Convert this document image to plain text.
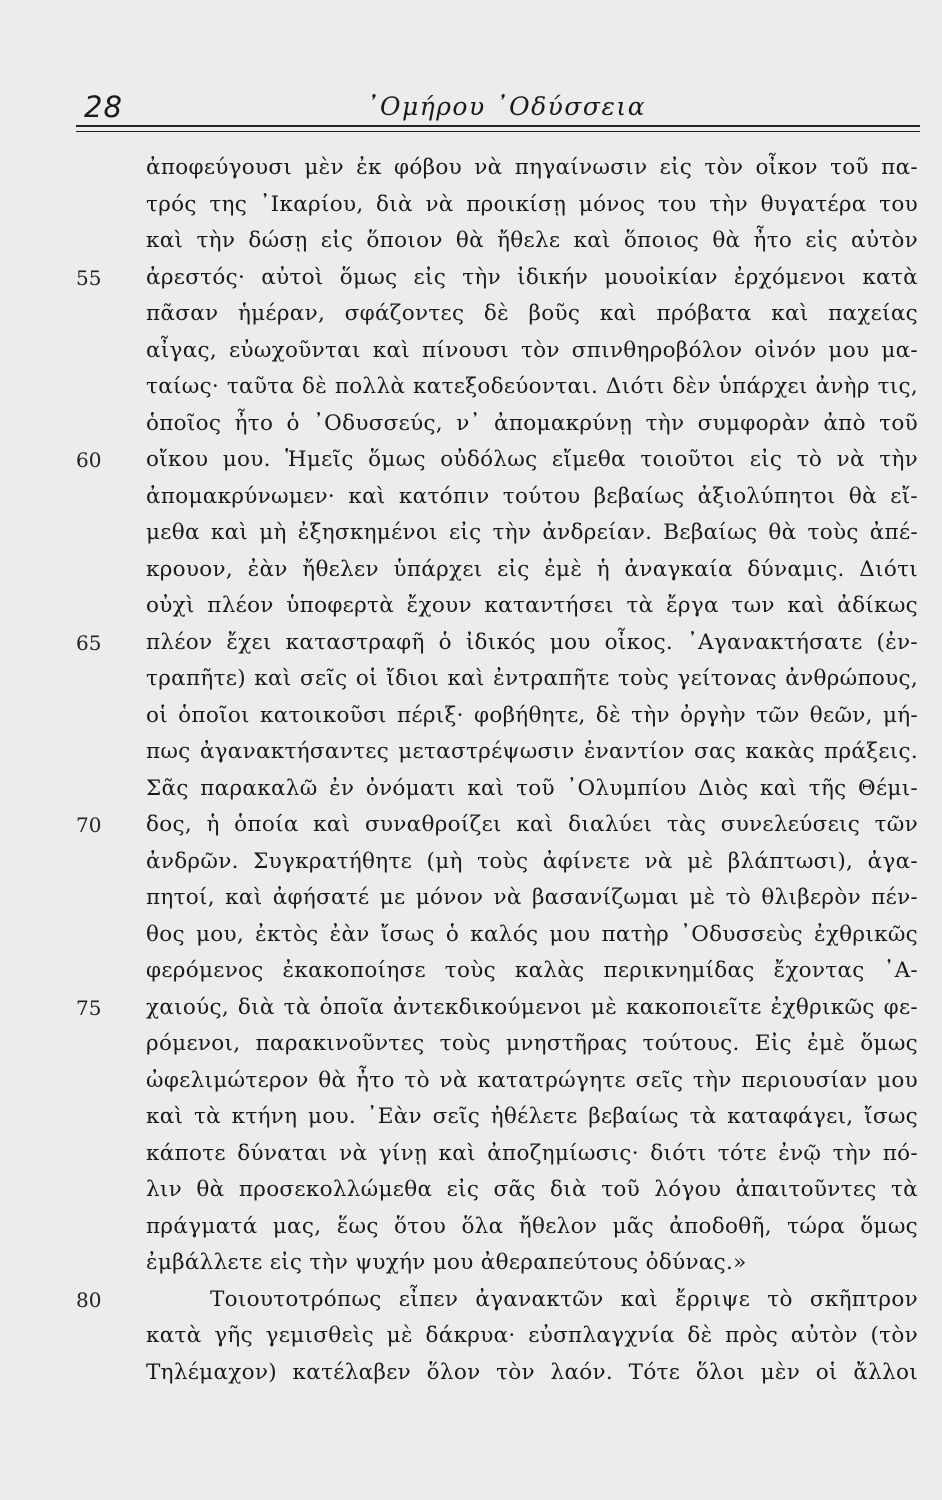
28	᾿Ομήρου ᾿Οδύσσεια
55
60
65
70
75
80
ἀποφεύγουσι μὲν ἐκ φόβου νὰ πηγαίνωσιν εἰς τὸν οἶκον τοῦ πα-
τρός της ᾿Ικαρίου, διὰ νὰ προικίσῃ μόνος του τὴν θυγατέρα του
καὶ τὴν δώσῃ εἰς ὅποιον θὰ ἤθελε καὶ ὅποιος θὰ ἦτο εἰς αὐτὸν
ἀρεστός· αὐτοὶ ὅμως εἰς τὴν ἰδικήν μουοἰκίαν ἐρχόμενοι κατὰ
πᾶσαν ἡμέραν, σφάζοντες δὲ βοῦς καὶ πρόβατα καὶ παχείας
αἶγας, εὐωχοῦνται καὶ πίνουσι τὸν σπινθηροβόλον οἰνόν μου μα-
ταίως· ταῦτα δὲ πολλὰ κατεξοδεύονται. Διότι δὲν ὑπάρχει ἀνὴρ τις,
ὁποῖος ἦτο ὁ ᾿Οδυσσεύς, ν᾿ ἀπομακρύνῃ τὴν συμφορὰν ἀπὸ τοῦ
οἴκου μου. Ἡμεῖς ὅμως οὐδόλως εἴμεθα τοιοῦτοι εἰς τὸ νὰ τὴν
ἀπομακρύνωμεν· καὶ κατόπιν τούτου βεβαίως ἀξιολύπητοι θὰ εἴ-
μεθα καὶ μὴ ἐξησκημένοι εἰς τὴν ἀνδρείαν. Βεβαίως θὰ τοὺς ἀπέ-
κρουον, ἐὰν ἤθελεν ὑπάρχει εἰς ἐμὲ ἡ ἀναγκαία δύναμις. Διότι
οὐχὶ πλέον ὑποφερτὰ ἔχουν καταντήσει τὰ ἔργα των καὶ ἀδίκως
πλέον ἔχει καταστραφῆ ὁ ἰδικός μου οἶκος. ᾿Αγανακτήσατε (ἐν-
τραπῆτε) καὶ σεῖς οἱ ἴδιοι καὶ ἐντραπῆτε τοὺς γείτονας ἀνθρώπους,
οἱ ὁποῖοι κατοικοῦσι πέριξ· φοβήθητε, δὲ τὴν ὀργὴν τῶν θεῶν, μή-
πως ἀγανακτήσαντες μεταστρέψωσιν ἐναντίον σας κακὰς πράξεις.
Σᾶς παρακαλῶ ἐν ὀνόματι καὶ τοῦ ᾿Ολυμπίου Διὸς καὶ τῆς Θέμι-
δος, ἡ ὁποία καὶ συναθροίζει καὶ διαλύει τὰς συνελεύσεις τῶν
ἀνδρῶν. Συγκρατήθητε (μὴ τοὺς ἀφίνετε νὰ μὲ βλάπτωσι), ἀγα-
πητοί, καὶ ἀφήσατέ με μόνον νὰ βασανίζωμαι μὲ τὸ θλιβερὸν πέν-
θος μου, ἐκτὸς ἐὰν ἴσως ὁ καλός μου πατὴρ ᾿Οδυσσεὺς ἐχθρικῶς
φερόμενος ἐκακοποίησε τοὺς καλὰς περικνημίδας ἔχοντας ᾿Α-
χαιούς, διὰ τὰ ὁποῖα ἀντεκδικούμενοι μὲ κακοποιεῖτε ἐχθρικῶς φε-
ρόμενοι, παρακινοῦντες τοὺς μνηστῆρας τούτους. Εἰς ἐμὲ ὅμως
ὠφελιμώτερον θὰ ἦτο τὸ νὰ κατατρώγητε σεῖς τὴν περιουσίαν μου
καὶ τὰ κτήνη μου. ᾿Εὰν σεῖς ἠθέλετε βεβαίως τὰ καταφάγει, ἴσως
κάποτε δύναται νὰ γίνῃ καὶ ἀποζημίωσις· διότι τότε ἐνῷ τὴν πό-
λιν θὰ προσεκολλώμεθα εἰς σᾶς διὰ τοῦ λόγου ἀπαιτοῦντες τὰ
πράγματά μας, ἕως ὅτου ὅλα ἤθελον μᾶς ἀποδοθῆ, τώρα ὅμως
ἐμβάλλετε εἰς τὴν ψυχήν μου ἀθεραπεύτους ὀδύνας.»
Τοιουτοτρόπως εἶπεν ἀγανακτῶν καὶ ἔρριψε τὸ σκῆπτρον
κατὰ γῆς γεμισθεὶς μὲ δάκρυα· εὐσπλαγχνία δὲ πρὸς αὐτὸν (τὸν
Τηλέμαχον) κατέλαβεν ὅλον τὸν λαόν. Τότε ὅλοι μὲν οἱ ἄλλοι
